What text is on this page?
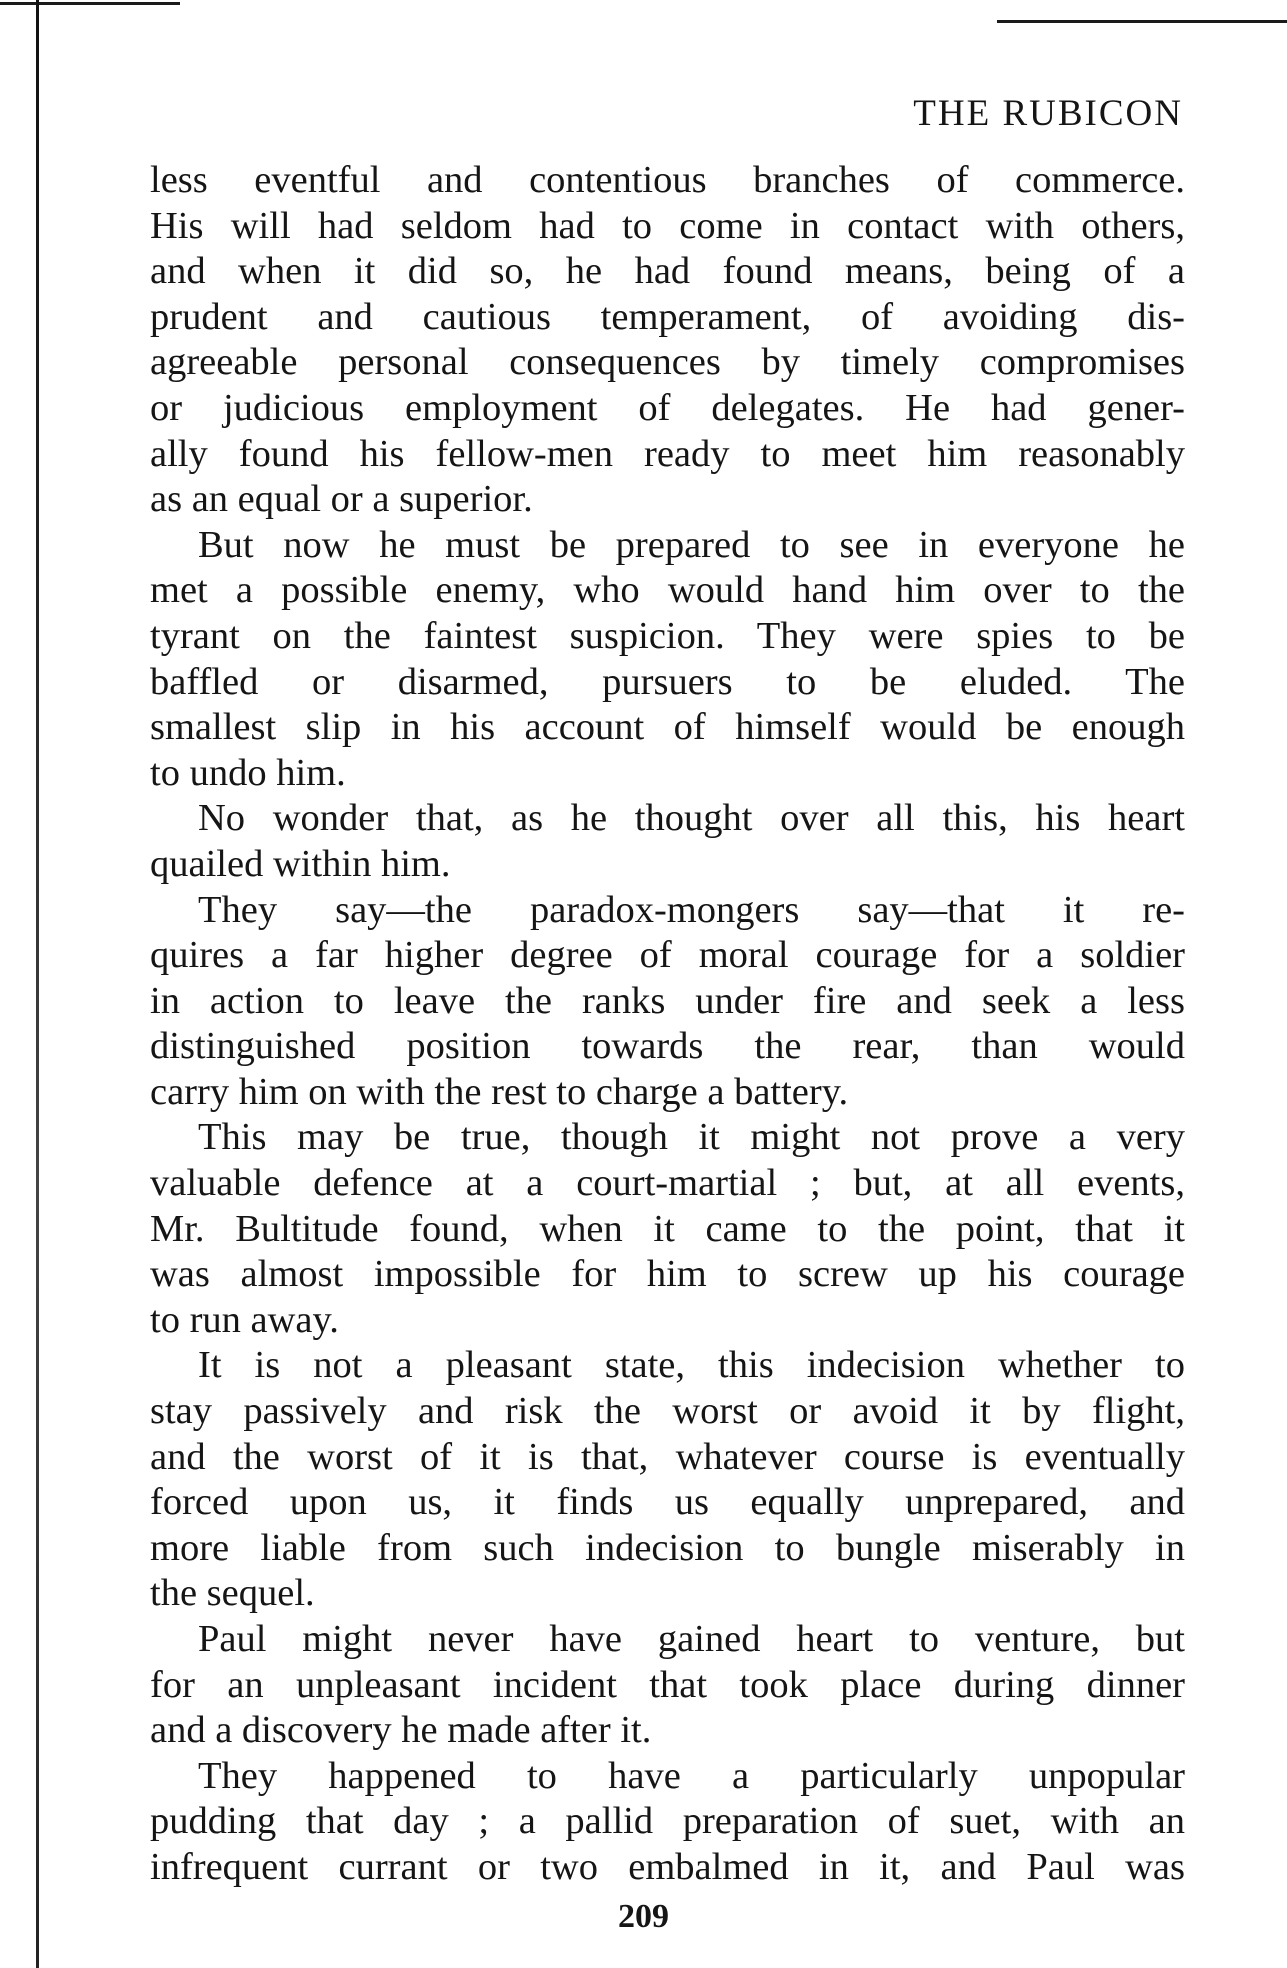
THE RUBICON
less eventful and contentious branches of commerce.
His will had seldom had to come in contact with others,
and when it did so, he had found means, being of a
prudent and cautious temperament, of avoiding dis-
agreeable personal consequences by timely compromises
or judicious employment of delegates. He had gener-
ally found his fellow-men ready to meet him reasonably
as an equal or a superior.
But now he must be prepared to see in everyone he
met a possible enemy, who would hand him over to the
tyrant on the faintest suspicion. They were spies to be
baffled or disarmed, pursuers to be eluded. The
smallest slip in his account of himself would be enough
to undo him.
No wonder that, as he thought over all this, his heart
quailed within him.
They say—the paradox-mongers say—that it re-
quires a far higher degree of moral courage for a soldier
in action to leave the ranks under fire and seek a less
distinguished position towards the rear, than would
carry him on with the rest to charge a battery.
This may be true, though it might not prove a very
valuable defence at a court-martial ; but, at all events,
Mr. Bultitude found, when it came to the point, that it
was almost impossible for him to screw up his courage
to run away.
It is not a pleasant state, this indecision whether to
stay passively and risk the worst or avoid it by flight,
and the worst of it is that, whatever course is eventually
forced upon us, it finds us equally unprepared, and
more liable from such indecision to bungle miserably in
the sequel.
Paul might never have gained heart to venture, but
for an unpleasant incident that took place during dinner
and a discovery he made after it.
They happened to have a particularly unpopular
pudding that day ; a pallid preparation of suet, with an
infrequent currant or two embalmed in it, and Paul was

209
